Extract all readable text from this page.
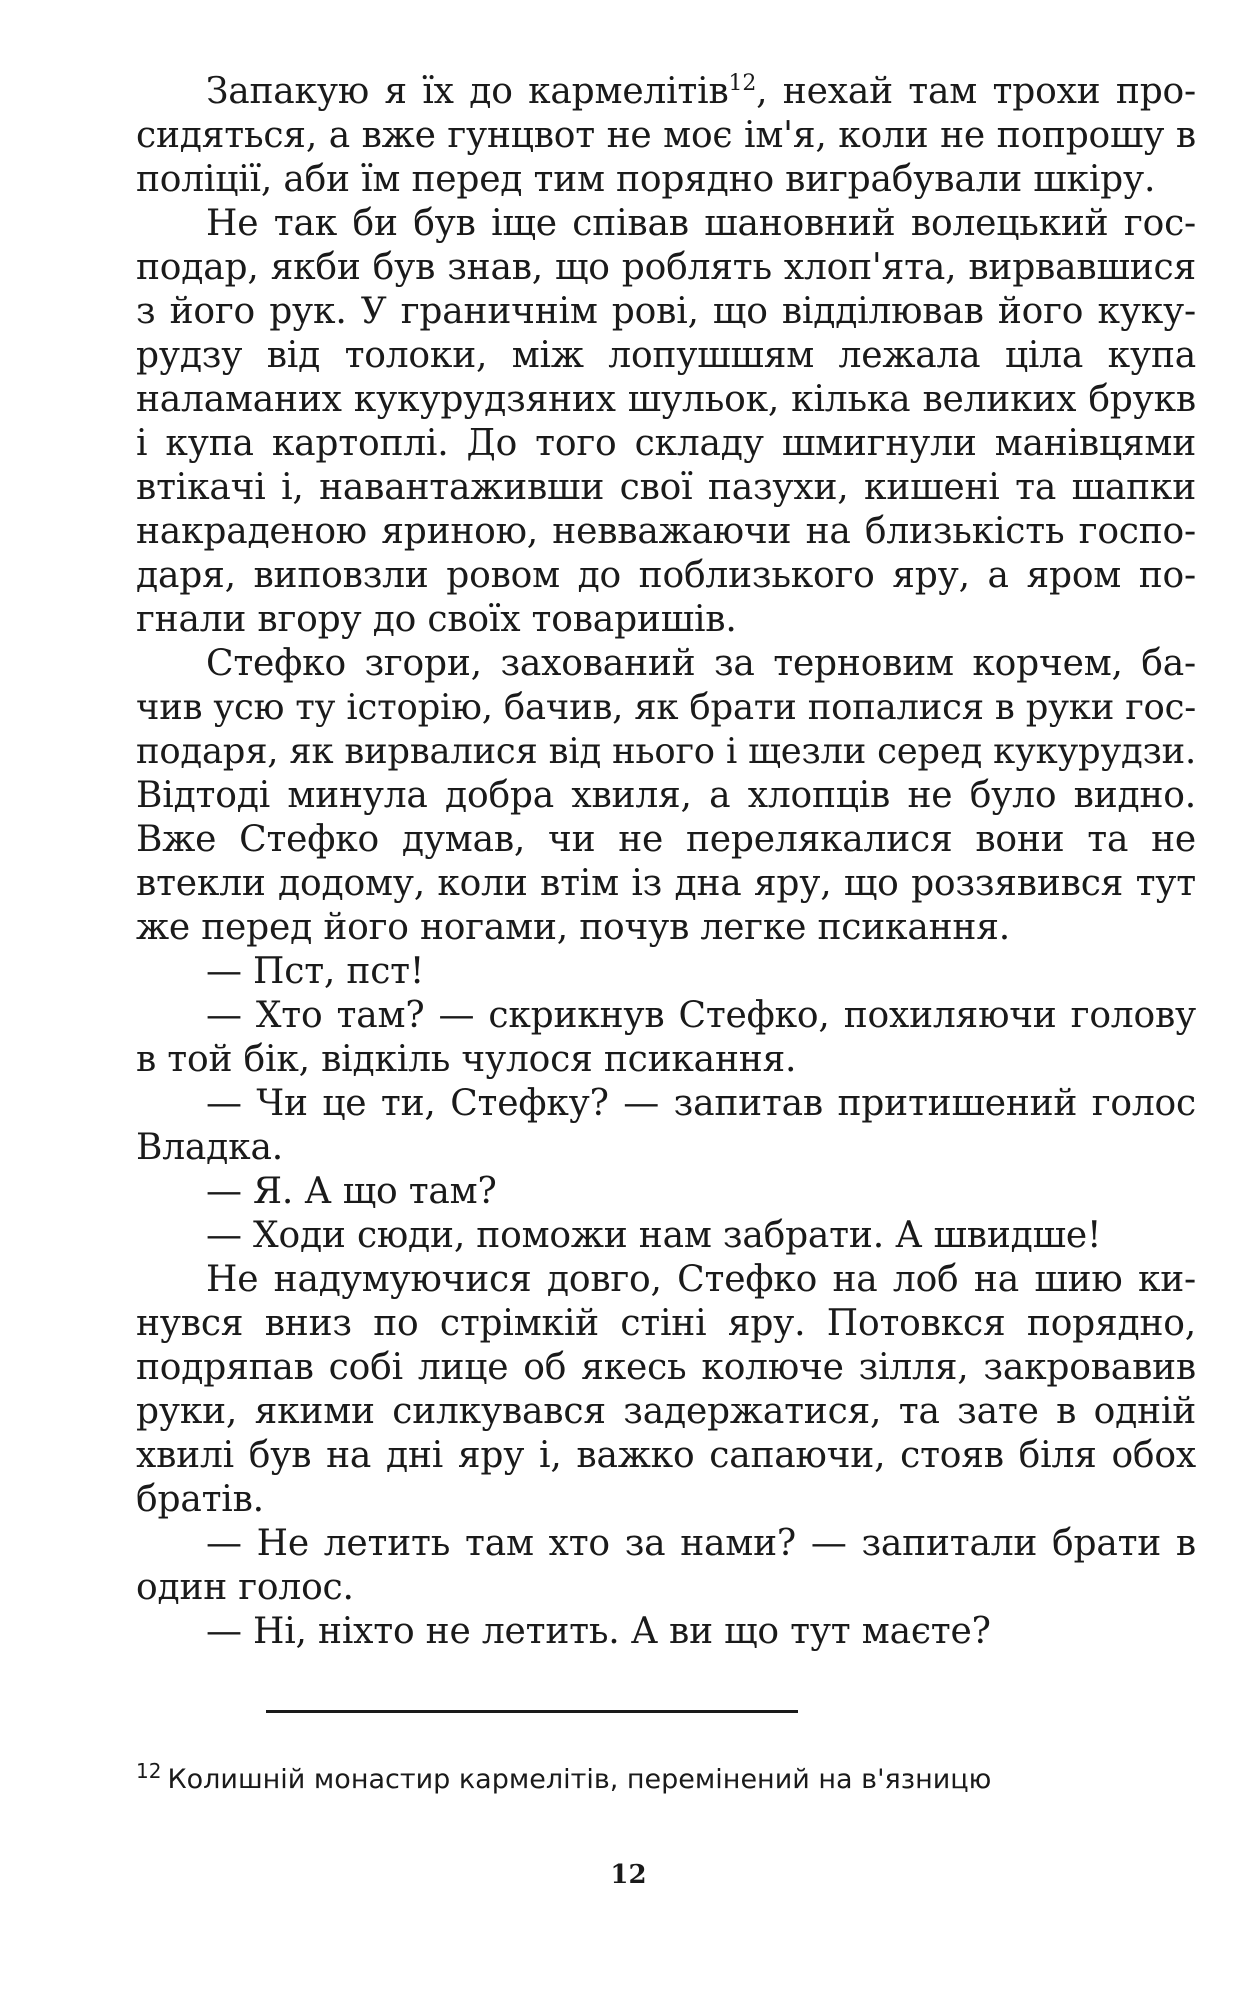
Запакую я їх до кармелітів$^{12}$, нехай там трохи про-
сидяться, а вже гунцвот не моє ім'я, коли не попрошу в
поліції, аби їм перед тим порядно виграбували шкіру.
Не так би був іще співав шановний волецький гос-
подар, якби був знав, що роблять хлоп'ята, вирвавшися
з його рук. У граничнім рові, що відділював його куку-
рудзу від толоки, між лопушшям лежала ціла купа
наламаних кукурудзяних шульок, кілька великих брукв
і купа картоплі. До того складу шмигнули манівцями
втікачі і, навантаживши свої пазухи, кишені та шапки
накраденою яриною, невважаючи на близькість госпо-
даря, виповзли ровом до поблизького яру, а яром по-
гнали вгору до своїх товаришів.
Стефко згори, захований за терновим корчем, ба-
чив усю ту історію, бачив, як брати попалися в руки гос-
подаря, як вирвалися від нього і щезли серед кукурудзи.
Відтоді минула добра хвиля, а хлопців не було видно.
Вже Стефко думав, чи не перелякалися вони та не
втекли додому, коли втім із дна яру, що роззявився тут
же перед його ногами, почув легке псикання.
— Пст, пст!
— Хто там? — скрикнув Стефко, похиляючи голову
в той бік, відкіль чулося псикання.
— Чи це ти, Стефку? — запитав притишений голос
Владка.
— Я. А що там?
— Ходи сюди, поможи нам забрати. А швидше!
Не надумуючися довго, Стефко на лоб на шию ки-
нувся вниз по стрімкій стіні яру. Потовкся порядно,
подряпав собі лице об якесь колюче зілля, закровавив
руки, якими силкувався задержатися, та зате в одній
хвилі був на дні яру і, важко сапаючи, стояв біля обох
братів.
— Не летить там хто за нами? — запитали брати в
один голос.
— Ні, ніхто не летить. А ви що тут маєте?
$^{12}$ Колишній монастир кармелітів, перемінений на в'язницю
12
